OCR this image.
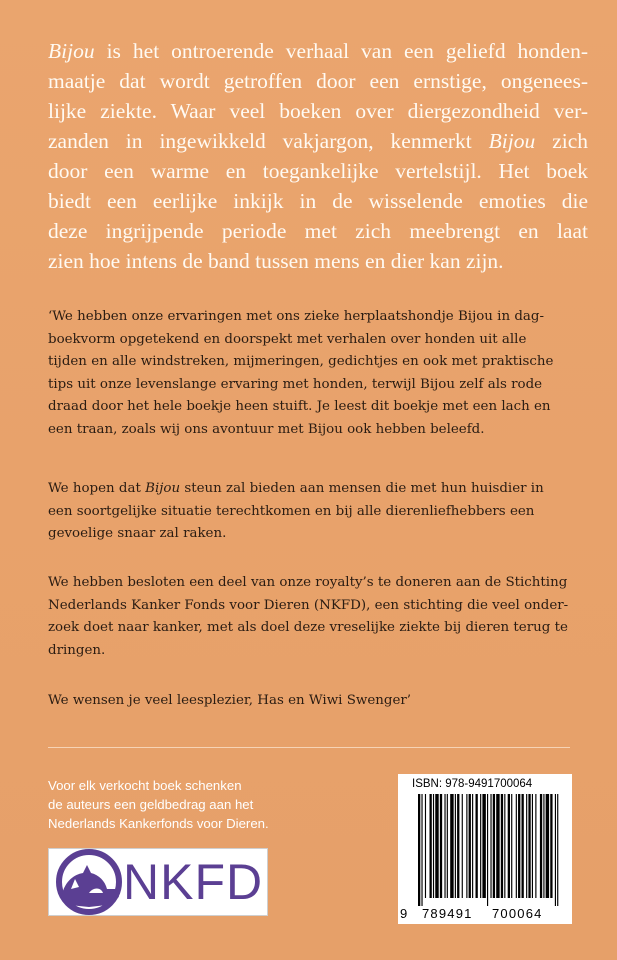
Bijou is het ontroerende verhaal van een geliefd honden-
maatje dat wordt getroffen door een ernstige, ongenees-
lijke ziekte. Waar veel boeken over diergezondheid ver-
zanden in ingewikkeld vakjargon, kenmerkt Bijou zich
door een warme en toegankelijke vertelstijl. Het boek
biedt een eerlijke inkijk in de wisselende emoties die
deze ingrijpende periode met zich meebrengt en laat
zien hoe intens de band tussen mens en dier kan zijn.
‘We hebben onze ervaringen met ons zieke herplaatshondje Bijou in dag-
boekvorm opgetekend en doorspekt met verhalen over honden uit alle
tijden en alle windstreken, mijmeringen, gedichtjes en ook met praktische
tips uit onze levenslange ervaring met honden, terwijl Bijou zelf als rode
draad door het hele boekje heen stuift. Je leest dit boekje met een lach en
een traan, zoals wij ons avontuur met Bijou ook hebben beleefd.
We hopen dat Bijou steun zal bieden aan mensen die met hun huisdier in
een soortgelijke situatie terechtkomen en bij alle dierenliefhebbers een
gevoelige snaar zal raken.
We hebben besloten een deel van onze royalty’s te doneren aan de Stichting
Nederlands Kanker Fonds voor Dieren (NKFD), een stichting die veel onder-
zoek doet naar kanker, met als doel deze vreselijke ziekte bij dieren terug te
dringen.
We wensen je veel leesplezier, Has en Wiwi Swenger’
Voor elk verkocht boek schenken
de auteurs een geldbedrag aan het
Nederlands Kankerfonds voor Dieren.
NKFD
ISBN: 978-9491700064
9 789491 700064
